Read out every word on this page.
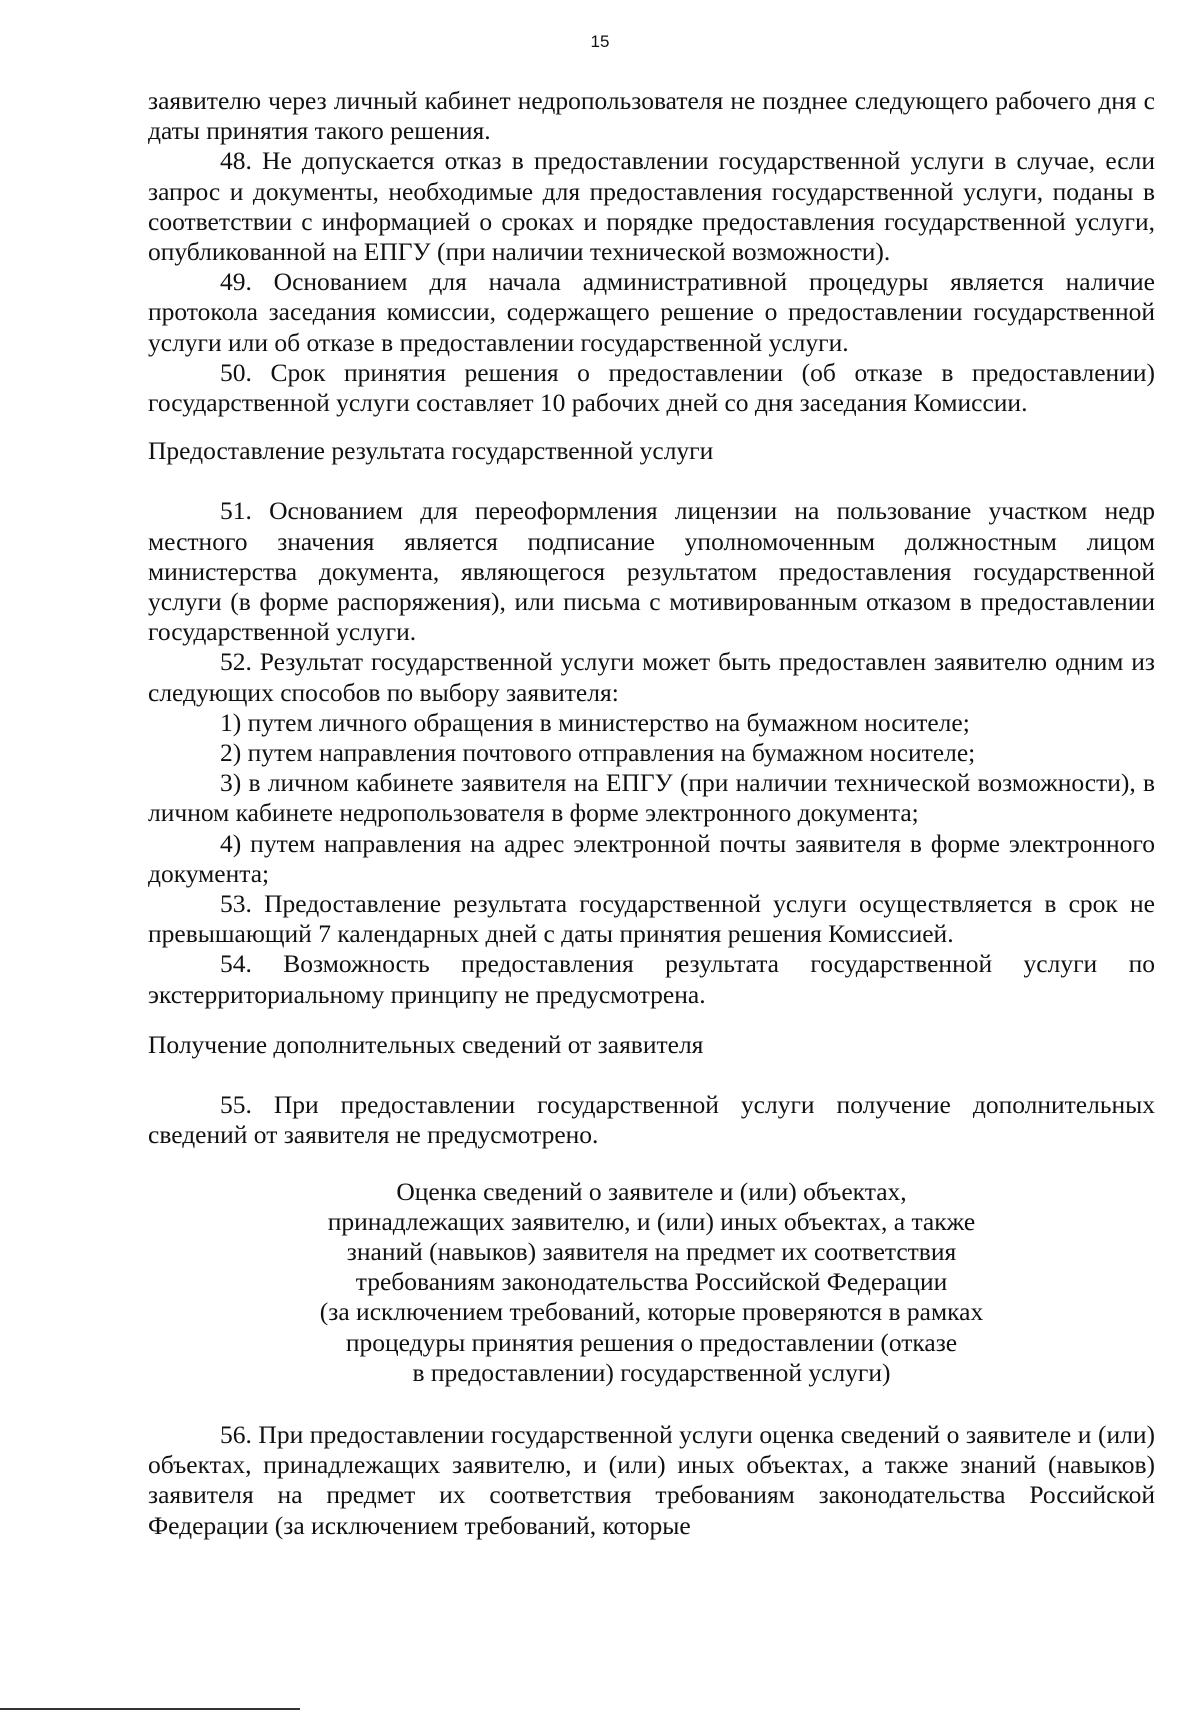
15

заявителю через личный кабинет недропользователя не позднее следующего рабочего дня с даты принятия такого решения.

48. Не допускается отказ в предоставлении государственной услуги в случае, если запрос и документы, необходимые для предоставления государственной услуги, поданы в соответствии с информацией о сроках и порядке предоставления государственной услуги, опубликованной на ЕПГУ (при наличии технической возможности).

49. Основанием для начала административной процедуры является наличие протокола заседания комиссии, содержащего решение о предоставлении государственной услуги или об отказе в предоставлении государственной услуги.

50. Срок принятия решения о предоставлении (об отказе в предоставлении) государственной услуги составляет 10 рабочих дней со дня заседания Комиссии.

Предоставление результата государственной услуги

51. Основанием для переоформления лицензии на пользование участком недр местного значения является подписание уполномоченным должностным лицом министерства документа, являющегося результатом предоставления государственной услуги (в форме распоряжения), или письма с мотивированным отказом в предоставлении государственной услуги.

52. Результат государственной услуги может быть предоставлен заявителю одним из следующих способов по выбору заявителя:

1) путем личного обращения в министерство на бумажном носителе;

2) путем направления почтового отправления на бумажном носителе;

3) в личном кабинете заявителя на ЕПГУ (при наличии технической возможности), в личном кабинете недропользователя в форме электронного документа;

4) путем направления на адрес электронной почты заявителя в форме электронного документа;

53. Предоставление результата государственной услуги осуществляется в срок не превышающий 7 календарных дней с даты принятия решения Комиссией.

54. Возможность предоставления результата государственной услуги по экстерриториальному принципу не предусмотрена.

Получение дополнительных сведений от заявителя

55. При предоставлении государственной услуги получение дополнительных сведений от заявителя не предусмотрено.

Оценка сведений о заявителе и (или) объектах,
принадлежащих заявителю, и (или) иных объектах, а также
знаний (навыков) заявителя на предмет их соответствия
требованиям законодательства Российской Федерации
(за исключением требований, которые проверяются в рамках
процедуры принятия решения о предоставлении (отказе
в предоставлении) государственной услуги)

56. При предоставлении государственной услуги оценка сведений о заявителе и (или) объектах, принадлежащих заявителю, и (или) иных объектах, а также знаний (навыков) заявителя на предмет их соответствия требованиям законодательства Российской Федерации (за исключением требований, которые
